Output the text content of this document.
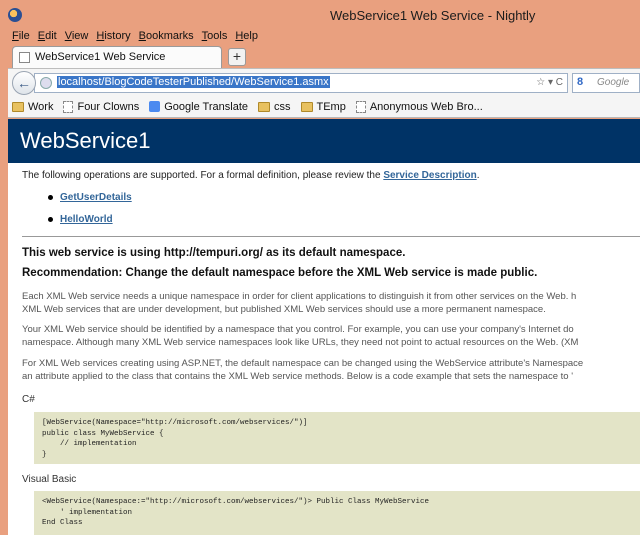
WebService1 Web Service - Nightly
File Edit View History Bookmarks Tools Help
WebService1 Web Service	+
localhost/BlogCodeTesterPublished/WebService1.asmx	☆ ▾ C
←	8 Google
Work Four Clowns Google Translate css TEmp Anonymous Web Bro...
WebService1
The following operations are supported. For a formal definition, please review the Service Description.
GetUserDetails
HelloWorld
This web service is using http://tempuri.org/ as its default namespace.
Recommendation: Change the default namespace before the XML Web service is made public.
Each XML Web service needs a unique namespace in order for client applications to distinguish it from other services on the Web. h
XML Web services that are under development, but published XML Web services should use a more permanent namespace.
Your XML Web service should be identified by a namespace that you control. For example, you can use your company's Internet do
namespace. Although many XML Web service namespaces look like URLs, they need not point to actual resources on the Web. (XM
For XML Web services creating using ASP.NET, the default namespace can be changed using the WebService attribute's Namespace
an attribute applied to the class that contains the XML Web service methods. Below is a code example that sets the namespace to '
C#
[WebService(Namespace="http://microsoft.com/webservices/")]
public class MyWebService {
// implementation
}
Visual Basic
<WebService(Namespace:="http://microsoft.com/webservices/")> Public Class MyWebService
' implementation
End Class
